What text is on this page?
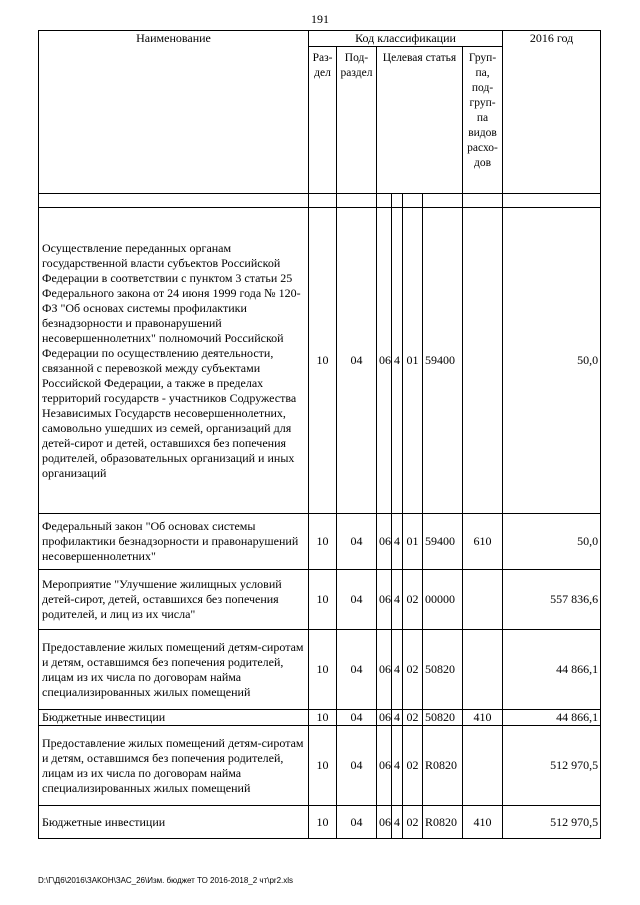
191
Наименование	Код классификации							2016 год
	Раз- дел	Под- раздел	Целевая статья				Груп- па, под- груп- па видов расхо- дов	

Осуществление переданных органам государственной власти субъектов Российской Федерации в соответствии с пунктом 3 статьи 25 Федерального закона от 24 июня 1999 года № 120-ФЗ "Об основах системы профилактики безнадзорности и правонарушений несовершеннолетних" полномочий Российской Федерации по осуществлению деятельности, связанной с перевозкой между субъектами Российской Федерации, а также в пределах территорий государств - участников Содружества Независимых Государств несовершеннолетних, самовольно ушедших из семей, организаций для детей-сирот и детей, оставшихся без попечения родителей, образовательных организаций и иных организаций	10	04	06	4	01	59400		50,0
Федеральный закон "Об основах системы профилактики безнадзорности и правонарушений несовершеннолетних"	10	04	06	4	01	59400	610	50,0
Мероприятие "Улучшение жилищных условий детей-сирот, детей, оставшихся без попечения родителей, и лиц из их числа"	10	04	06	4	02	00000		557 836,6
Предоставление жилых помещений детям-сиротам и детям, оставшимся без попечения родителей, лицам из их числа по договорам найма специализированных жилых помещений	10	04	06	4	02	50820		44 866,1
Бюджетные инвестиции	10	04	06	4	02	50820	410	44 866,1
Предоставление жилых помещений детям-сиротам и детям, оставшимся без попечения родителей, лицам из их числа по договорам найма специализированных жилых помещений	10	04	06	4	02	R0820		512 970,5
Бюджетные инвестиции	10	04	06	4	02	R0820	410	512 970,5
D:\Г\Д6\2016\ЗАКОН\ЗАС_26\Изм. бюджет ТО 2016-2018_2 чт\pr2.xls
